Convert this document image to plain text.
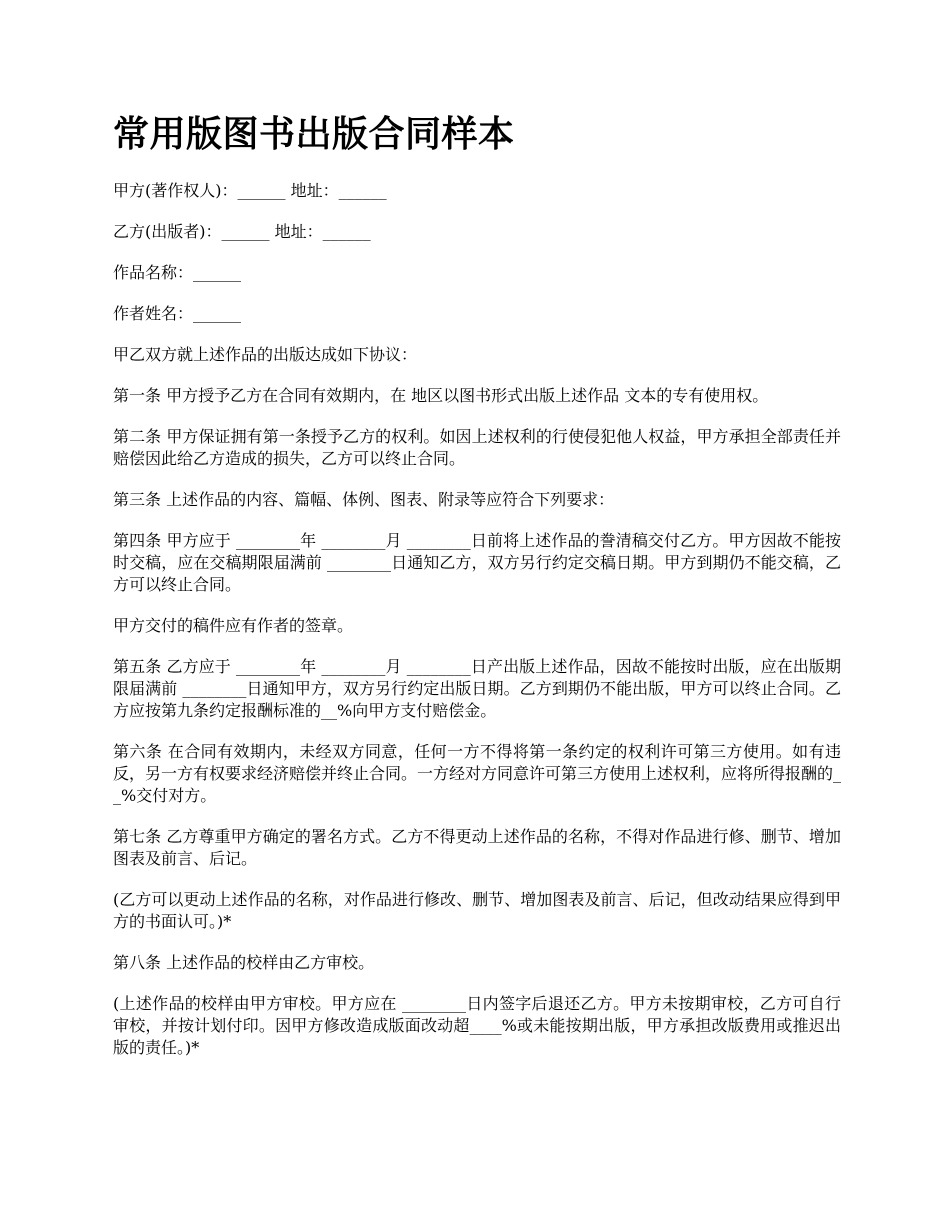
常用版图书出版合同样本

甲方(著作权人)：______ 地址：______

乙方(出版者)：______ 地址：______

作品名称：______

作者姓名：______

甲乙双方就上述作品的出版达成如下协议：

第一条 甲方授予乙方在合同有效期内，在 地区以图书形式出版上述作品 文本的专有使用权。

第二条 甲方保证拥有第一条授予乙方的权利。如因上述权利的行使侵犯他人权益，甲方承担全部责任并赔偿因此给乙方造成的损失，乙方可以终止合同。

第三条 上述作品的内容、篇幅、体例、图表、附录等应符合下列要求：

第四条 甲方应于 ________年 ________月 ________日前将上述作品的誊清稿交付乙方。甲方因故不能按时交稿，应在交稿期限届满前 ________日通知乙方，双方另行约定交稿日期。甲方到期仍不能交稿，乙方可以终止合同。

甲方交付的稿件应有作者的签章。

第五条 乙方应于 ________年 ________月 ________日产出版上述作品，因故不能按时出版，应在出版期限届满前 ________日通知甲方，双方另行约定出版日期。乙方到期仍不能出版，甲方可以终止合同。乙方应按第九条约定报酬标准的__%向甲方支付赔偿金。

第六条 在合同有效期内，未经双方同意，任何一方不得将第一条约定的权利许可第三方使用。如有违反，另一方有权要求经济赔偿并终止合同。一方经对方同意许可第三方使用上述权利，应将所得报酬的__%交付对方。

第七条 乙方尊重甲方确定的署名方式。乙方不得更动上述作品的名称，不得对作品进行修、删节、增加图表及前言、后记。

(乙方可以更动上述作品的名称，对作品进行修改、删节、增加图表及前言、后记，但改动结果应得到甲方的书面认可。)*

第八条 上述作品的校样由乙方审校。

(上述作品的校样由甲方审校。甲方应在 ________日内签字后退还乙方。甲方未按期审校，乙方可自行审校，并按计划付印。因甲方修改造成版面改动超____%或未能按期出版，甲方承担改版费用或推迟出版的责任。)*
